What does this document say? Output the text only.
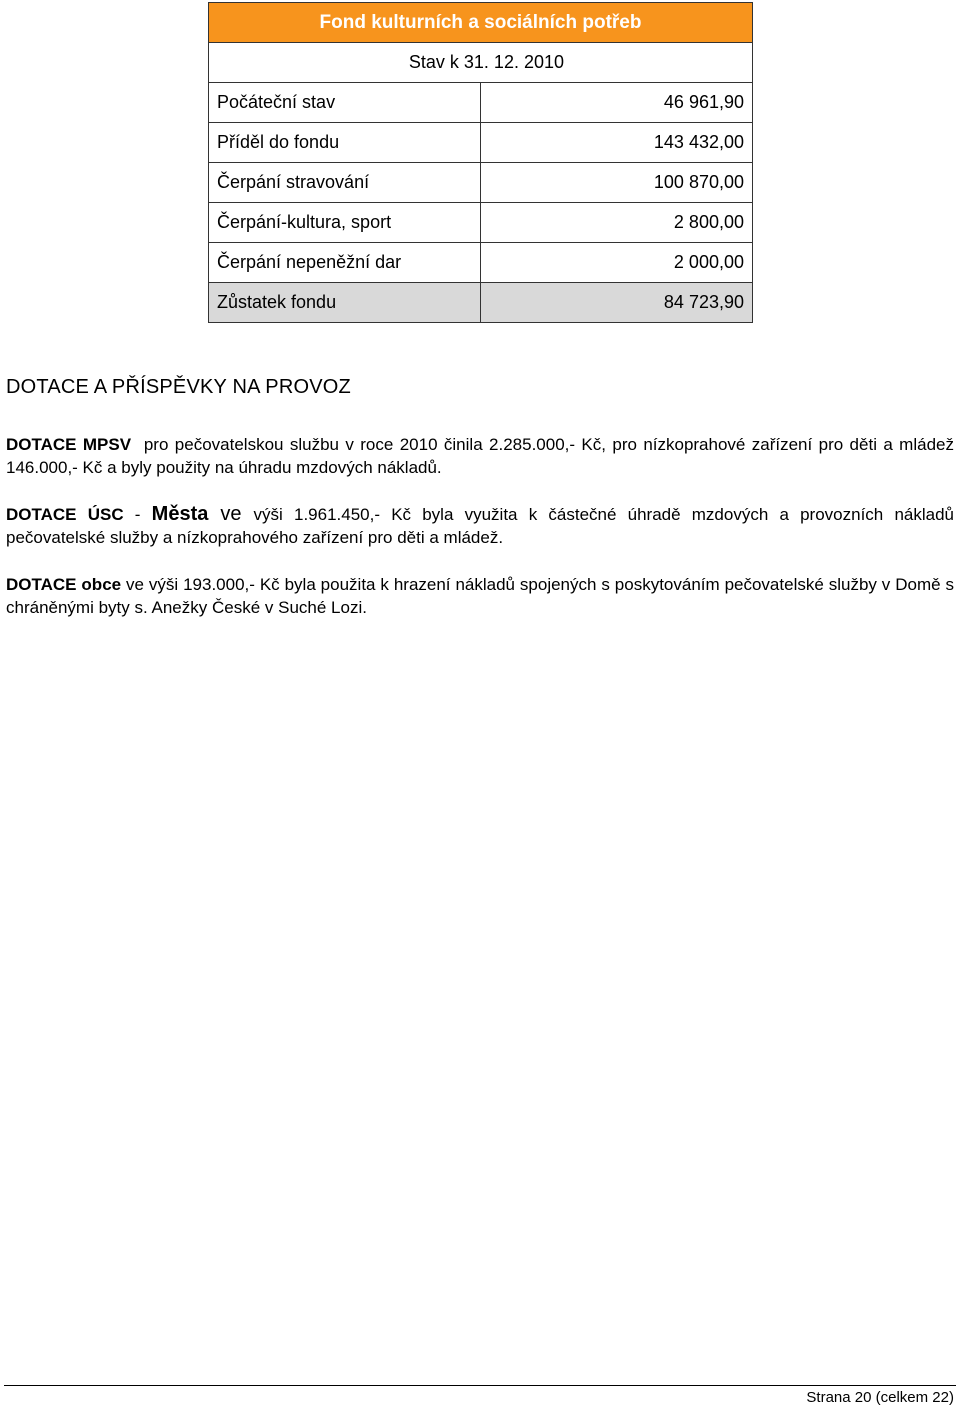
Fond kulturních a sociálních potřeb	
Stav k 31. 12. 2010	
Počáteční stav	46 961,90
Příděl do fondu	143 432,00
Čerpání stravování	100 870,00
Čerpání-kultura, sport	2 800,00
Čerpání nepeněžní dar	2 000,00
Zůstatek fondu	84 723,90
DOTACE A PŘÍSPĚVKY NA PROVOZ

DOTACE MPSV pro pečovatelskou službu v roce 2010 činila 2.285.000,- Kč, pro nízkoprahové zařízení pro děti a mládež 146.000,- Kč a byly použity na úhradu mzdových nákladů.

DOTACE ÚSC - Města ve výši 1.961.450,- Kč byla využita k částečné úhradě mzdových a provozních nákladů pečovatelské služby a nízkoprahového zařízení pro děti a mládež.

DOTACE obce ve výši 193.000,- Kč byla použita k hrazení nákladů spojených s poskytováním pečovatelské služby v Domě s chráněnými byty s. Anežky České v Suché Lozi.

Strana 20 (celkem 22)
